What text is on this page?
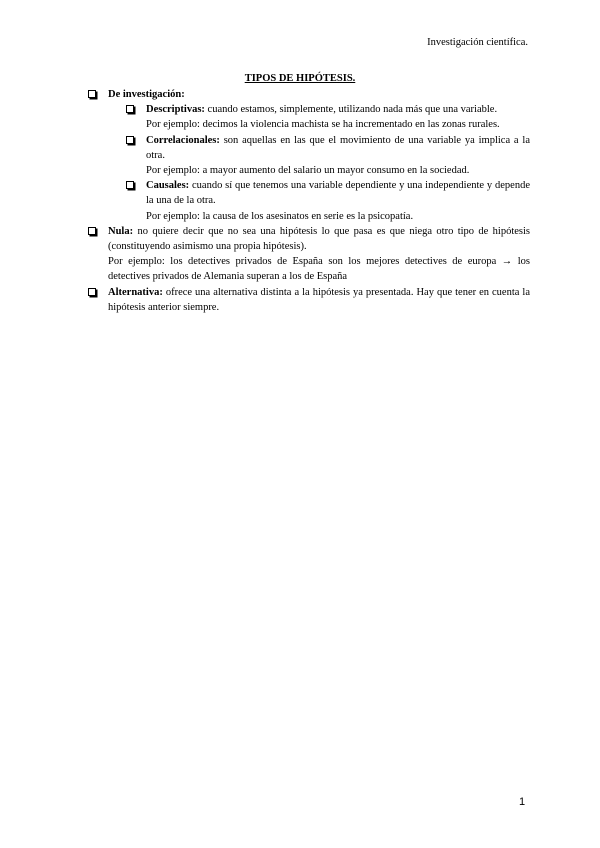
Investigación científica.
TIPOS DE HIPÓTESIS.
De investigación:
Descriptivas: cuando estamos, simplemente, utilizando nada más que una variable.
Por ejemplo: decimos la violencia machista se ha incrementado en las zonas rurales.
Correlacionales: son aquellas en las que el movimiento de una variable ya implica a la otra.
Por ejemplo: a mayor aumento del salario un mayor consumo en la sociedad.
Causales: cuando sí que tenemos una variable dependiente y una independiente y depende la una de la otra.
Por ejemplo: la causa de los asesinatos en serie es la psicopatía.
Nula: no quiere decir que no sea una hipótesis lo que pasa es que niega otro tipo de hipótesis (constituyendo asimismo una propia hipótesis).
Por ejemplo: los detectives privados de España son los mejores detectives de europa → los detectives privados de Alemania superan a los de España
Alternativa: ofrece una alternativa distinta a la hipótesis ya presentada. Hay que tener en cuenta la hipótesis anterior siempre.
1
